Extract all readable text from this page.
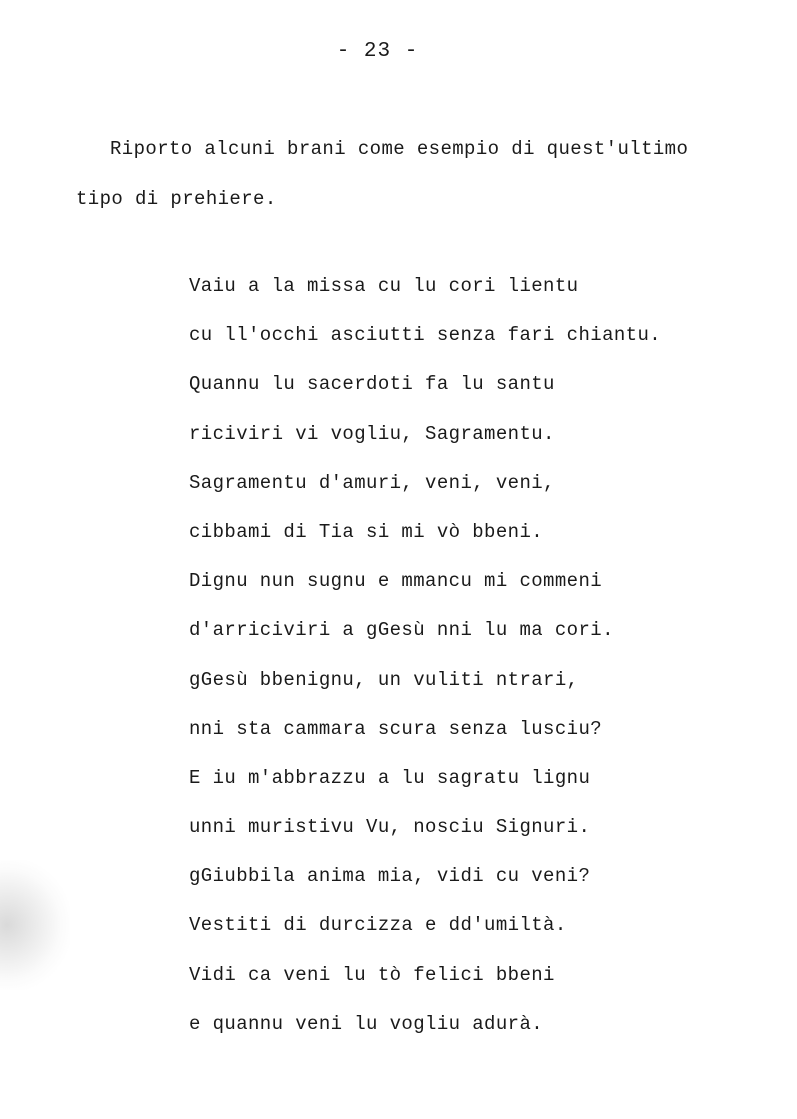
- 23 -

Riporto alcuni brani come esempio di quest'ultimo
tipo di prehiere.

Vaiu a la missa cu lu cori lientu
cu ll'occhi asciutti senza fari chiantu.
Quannu lu sacerdoti fa lu santu
riciviri vi vogliu, Sagramentu.
Sagramentu d'amuri, veni, veni,
cibbami di Tia si mi vò bbeni.
Dignu nun sugnu e mmancu mi commeni
d'arriciviri a gGesù nni lu ma cori.
gGesù bbenignu, un vuliti ntrari,
nni sta cammara scura senza lusciu?
E iu m'abbrazzu a lu sagratu lignu
unni muristivu Vu, nosciu Signuri.
gGiubbila anima mia, vidi cu veni?
Vestiti di durcizza e dd'umiltà.
Vidi ca veni lu tò felici bbeni
e quannu veni lu vogliu adurà.
